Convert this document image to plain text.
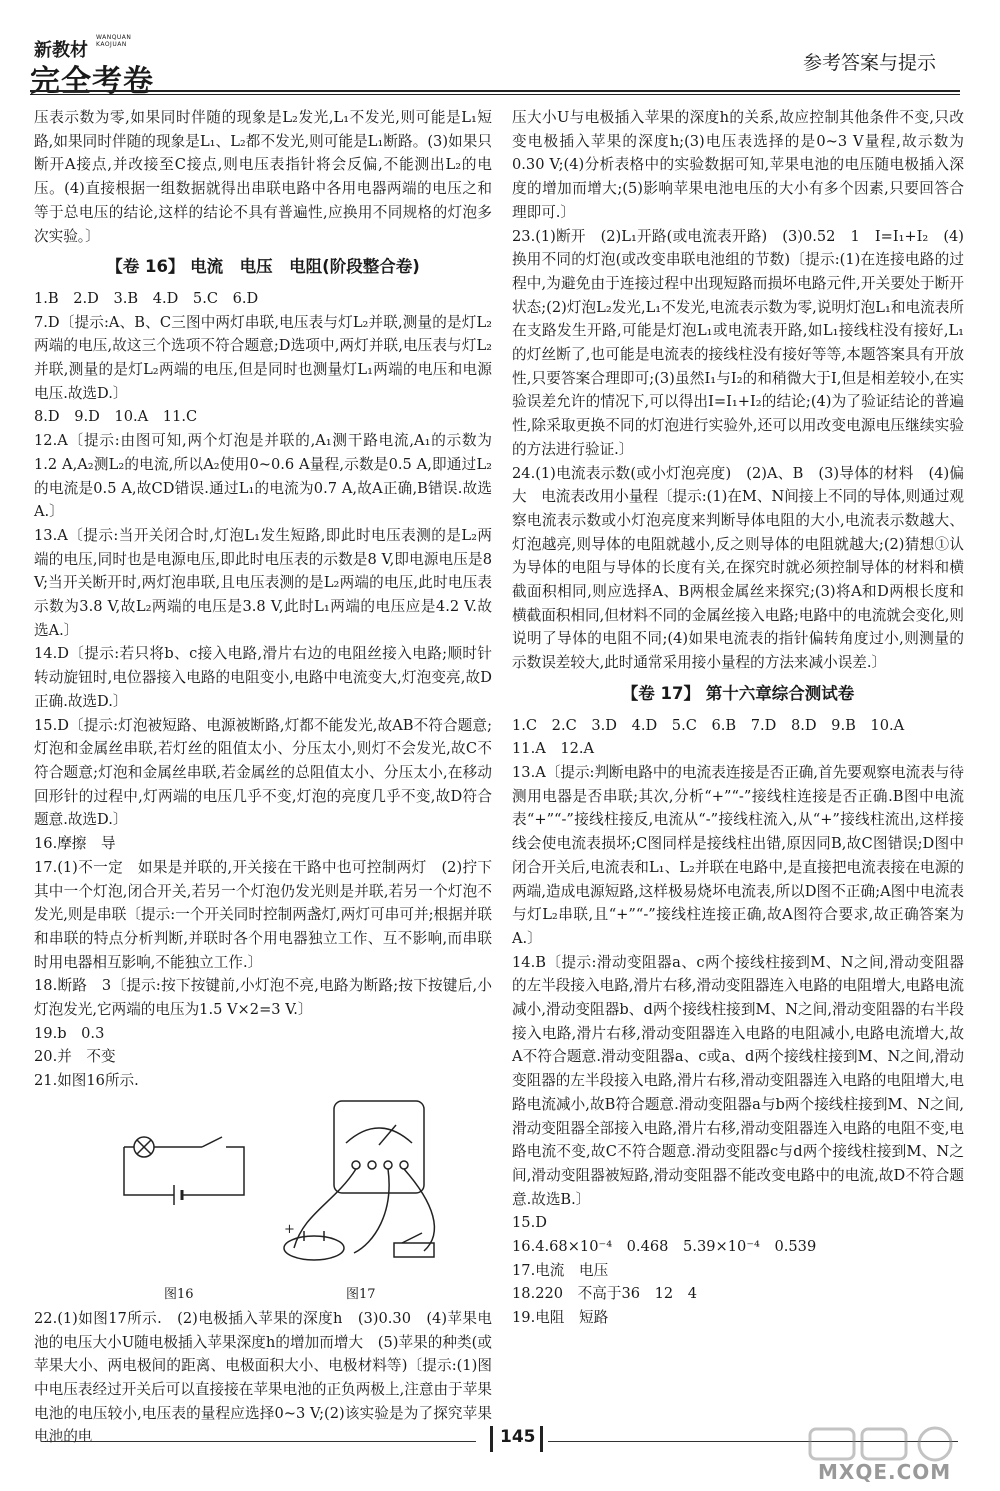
新教材
WANQUAN
KAOJUAN
完全考卷
参考答案与提示

压表示数为零,如果同时伴随的现象是L₂发光,L₁不发光,则可能是L₁短路,如果同时伴随的现象是L₁、L₂都不发光,则可能是L₁断路。(3)如果只断开A接点,并改接至C接点,则电压表指针将会反偏,不能测出L₂的电压。(4)直接根据一组数据就得出串联电路中各用电器两端的电压之和等于总电压的结论,这样的结论不具有普遍性,应换用不同规格的灯泡多次实验。〕

【卷 16】 电流　电压　电阻(阶段整合卷)

1.B　2.D　3.B　4.D　5.C　6.D

7.D〔提示:A、B、C三图中两灯串联,电压表与灯L₂并联,测量的是灯L₂两端的电压,故这三个选项不符合题意;D选项中,两灯并联,电压表与灯L₂并联,测量的是灯L₂两端的电压,但是同时也测量灯L₁两端的电压和电源电压.故选D.〕

8.D　9.D　10.A　11.C

12.A〔提示:由图可知,两个灯泡是并联的,A₁测干路电流,A₁的示数为1.2 A,A₂测L₂的电流,所以A₂使用0~0.6 A量程,示数是0.5 A,即通过L₂的电流是0.5 A,故CD错误.通过L₁的电流为0.7 A,故A正确,B错误.故选A.〕

13.A〔提示:当开关闭合时,灯泡L₁发生短路,即此时电压表测的是L₂两端的电压,同时也是电源电压,即此时电压表的示数是8 V,即电源电压是8 V;当开关断开时,两灯泡串联,且电压表测的是L₂两端的电压,此时电压表示数为3.8 V,故L₂两端的电压是3.8 V,此时L₁两端的电压应是4.2 V.故选A.〕

14.D〔提示:若只将b、c接入电路,滑片右边的电阻丝接入电路;顺时针转动旋钮时,电位器接入电路的电阻变小,电路中电流变大,灯泡变亮,故D正确.故选D.〕

15.D〔提示:灯泡被短路、电源被断路,灯都不能发光,故AB不符合题意;灯泡和金属丝串联,若灯丝的阻值太小、分压太小,则灯不会发光,故C不符合题意;灯泡和金属丝串联,若金属丝的总阻值太小、分压太小,在移动回形针的过程中,灯两端的电压几乎不变,灯泡的亮度几乎不变,故D符合题意.故选D.〕

16.摩擦　导

17.(1)不一定　如果是并联的,开关接在干路中也可控制两灯　(2)拧下其中一个灯泡,闭合开关,若另一个灯泡仍发光则是并联,若另一个灯泡不发光,则是串联〔提示:一个开关同时控制两盏灯,两灯可串可并;根据并联和串联的特点分析判断,并联时各个用电器独立工作、互不影响,而串联时用电器相互影响,不能独立工作.〕

18.断路　3〔提示:按下按键前,小灯泡不亮,电路为断路;按下按键后,小灯泡发光,它两端的电压为1.5 V×2=3 V.〕

19.b　0.3

20.并　不变

21.如图16所示.

+
图16	图17

22.(1)如图17所示.　(2)电极插入苹果的深度h　(3)0.30　(4)苹果电池的电压大小U随电极插入苹果深度h的增加而增大　(5)苹果的种类(或苹果大小、两电极间的距离、电极面积大小、电极材料等)〔提示:(1)图中电压表经过开关后可以直接接在苹果电池的正负两极上,注意由于苹果电池的电压较小,电压表的量程应选择0~3 V;(2)该实验是为了探究苹果电池的电

压大小U与电极插入苹果的深度h的关系,故应控制其他条件不变,只改变电极插入苹果的深度h;(3)电压表选择的是0~3 V量程,故示数为0.30 V;(4)分析表格中的实验数据可知,苹果电池的电压随电极插入深度的增加而增大;(5)影响苹果电池电压的大小有多个因素,只要回答合理即可.〕

23.(1)断开　(2)L₁开路(或电流表开路)　(3)0.52　1　I=I₁+I₂　(4)换用不同的灯泡(或改变串联电池组的节数)〔提示:(1)在连接电路的过程中,为避免由于连接过程中出现短路而损坏电路元件,开关要处于断开状态;(2)灯泡L₂发光,L₁不发光,电流表示数为零,说明灯泡L₁和电流表所在支路发生开路,可能是灯泡L₁或电流表开路,如L₁接线柱没有接好,L₁的灯丝断了,也可能是电流表的接线柱没有接好等等,本题答案具有开放性,只要答案合理即可;(3)虽然I₁与I₂的和稍微大于I,但是相差较小,在实验误差允许的情况下,可以得出I=I₁+I₂的结论;(4)为了验证结论的普遍性,除采取更换不同的灯泡进行实验外,还可以用改变电源电压继续实验的方法进行验证.〕

24.(1)电流表示数(或小灯泡亮度)　(2)A、B　(3)导体的材料　(4)偏大　电流表改用小量程〔提示:(1)在M、N间接上不同的导体,则通过观察电流表示数或小灯泡亮度来判断导体电阻的大小,电流表示数越大、灯泡越亮,则导体的电阻就越小,反之则导体的电阻就越大;(2)猜想①认为导体的电阻与导体的长度有关,在探究时就必须控制导体的材料和横截面积相同,则应选择A、B两根金属丝来探究;(3)将A和D两根长度和横截面积相同,但材料不同的金属丝接入电路;电路中的电流就会变化,则说明了导体的电阻不同;(4)如果电流表的指针偏转角度过小,则测量的示数误差较大,此时通常采用接小量程的方法来减小误差.〕

【卷 17】 第十六章综合测试卷

1.C　2.C　3.D　4.D　5.C　6.B　7.D　8.D　9.B　10.A

11.A　12.A

13.A〔提示:判断电路中的电流表连接是否正确,首先要观察电流表与待测用电器是否串联;其次,分析“+”“-”接线柱连接是否正确.B图中电流表“+”“-”接线柱接反,电流从“-”接线柱流入,从“+”接线柱流出,这样接线会使电流表损坏;C图同样是接线柱出错,原因同B,故C图错误;D图中闭合开关后,电流表和L₁、L₂并联在电路中,是直接把电流表接在电源的两端,造成电源短路,这样极易烧坏电流表,所以D图不正确;A图中电流表与灯L₂串联,且“+”“-”接线柱连接正确,故A图符合要求,故正确答案为A.〕

14.B〔提示:滑动变阻器a、c两个接线柱接到M、N之间,滑动变阻器的左半段接入电路,滑片右移,滑动变阻器连入电路的电阻增大,电路电流减小,滑动变阻器b、d两个接线柱接到M、N之间,滑动变阻器的右半段接入电路,滑片右移,滑动变阻器连入电路的电阻减小,电路电流增大,故A不符合题意.滑动变阻器a、c或a、d两个接线柱接到M、N之间,滑动变阻器的左半段接入电路,滑片右移,滑动变阻器连入电路的电阻增大,电路电流减小,故B符合题意.滑动变阻器a与b两个接线柱接到M、N之间,滑动变阻器全部接入电路,滑片右移,滑动变阻器连入电路的电阻不变,电路电流不变,故C不符合题意.滑动变阻器c与d两个接线柱接到M、N之间,滑动变阻器被短路,滑动变阻器不能改变电路中的电流,故D不符合题意.故选B.〕

15.D

16.4.68×10⁻⁴　0.468　5.39×10⁻⁴　0.539

17.电流　电压

18.220　不高于36　12　4

19.电阻　短路

145
MXQE.COM
